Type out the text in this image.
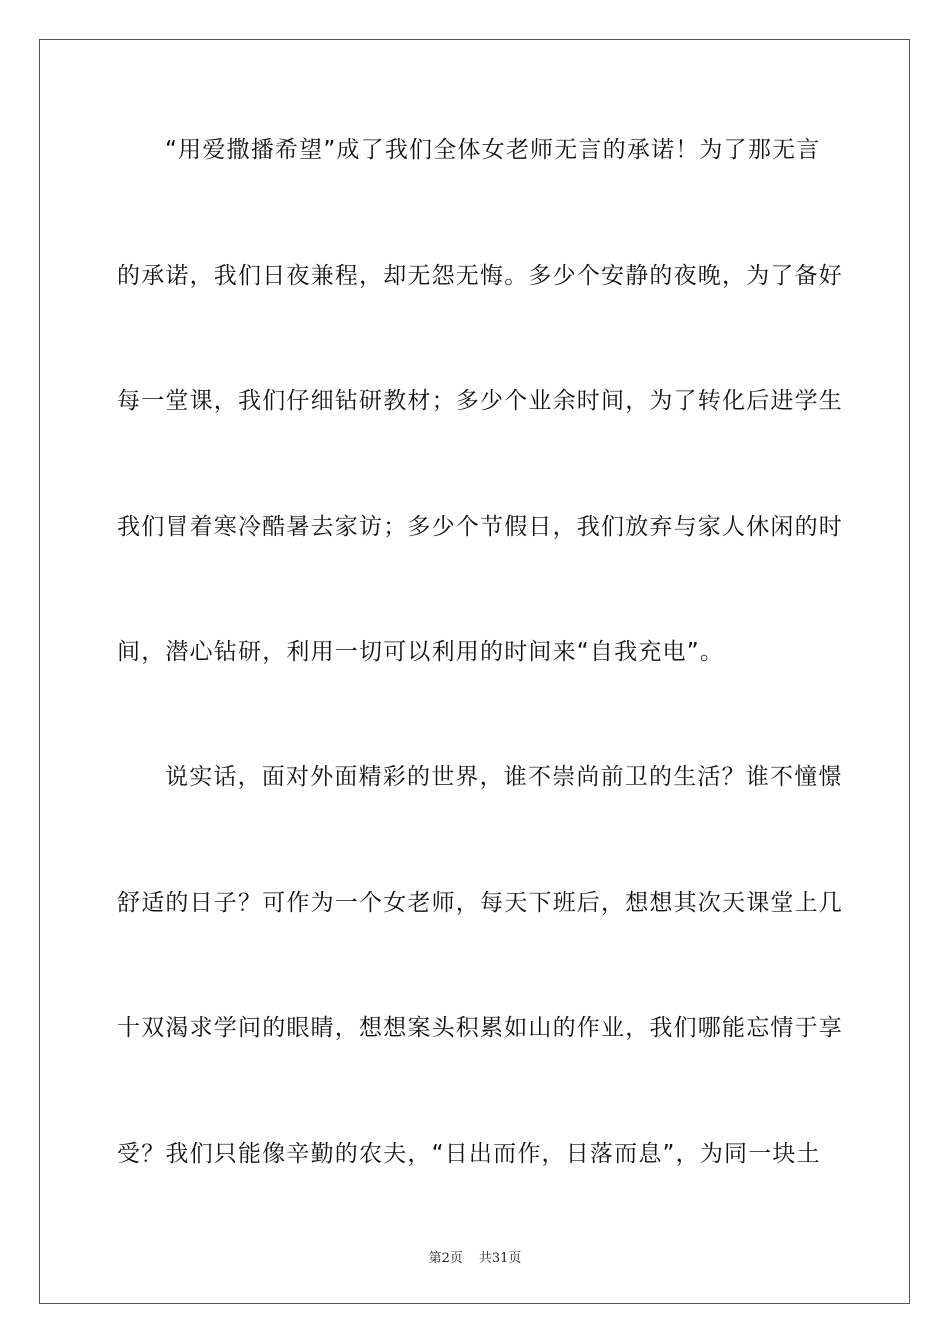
“用爱撒播希望”成了我们全体女老师无言的承诺！为了那无言
的承诺，我们日夜兼程，却无怨无悔。多少个安静的夜晚，为了备好
每一堂课，我们仔细钻研教材；多少个业余时间，为了转化后进学生
我们冒着寒冷酷暑去家访；多少个节假日，我们放弃与家人休闲的时
间，潜心钻研，利用一切可以利用的时间来“自我充电”。
说实话，面对外面精彩的世界，谁不崇尚前卫的生活？谁不憧憬
舒适的日子？可作为一个女老师，每天下班后，想想其次天课堂上几
十双渴求学问的眼睛，想想案头积累如山的作业，我们哪能忘情于享
受？我们只能像辛勤的农夫，“日出而作，日落而息”，为同一块土
第2页 共31页
